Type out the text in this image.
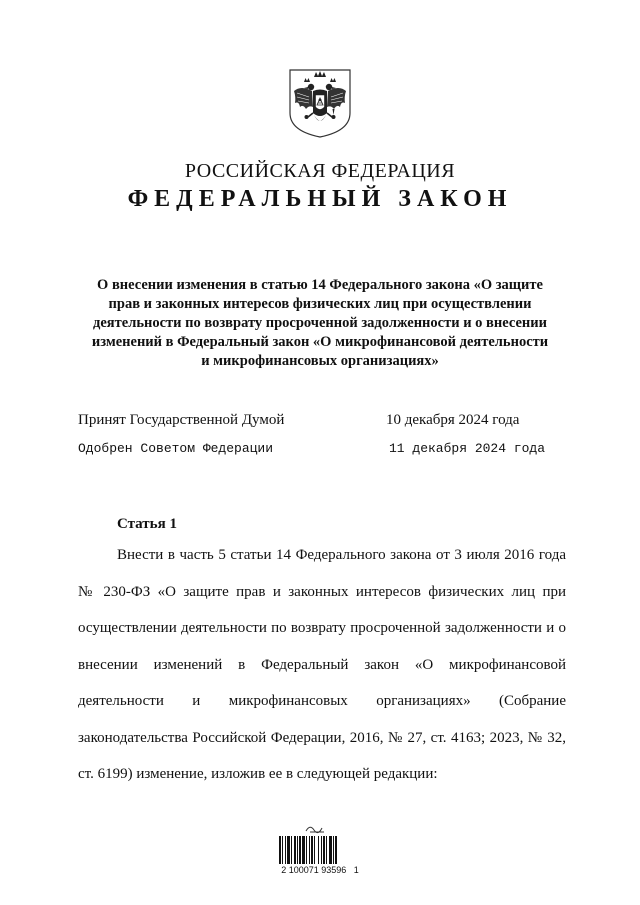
РОССИЙСКАЯ ФЕДЕРАЦИЯ
ФЕДЕРАЛЬНЫЙ ЗАКОН
О внесении изменения в статью 14 Федерального закона «О защите
прав и законных интересов физических лиц при осуществлении
деятельности по возврату просроченной задолженности и о внесении
изменений в Федеральный закон «О микрофинансовой деятельности
и микрофинансовых организациях»
Принят Государственной Думой	10 декабря 2024 года
Одобрен Советом Федерации	11 декабря 2024 года
Статья 1
Внести в часть 5 статьи 14 Федерального закона от 3 июля 2016 года
№ 230-ФЗ «О защите прав и законных интересов физических лиц при
осуществлении деятельности по возврату просроченной задолженности и о
внесении изменений в Федеральный закон «О микрофинансовой
деятельности и микрофинансовых организациях» (Собрание
законодательства Российской Федерации, 2016, № 27, ст. 4163; 2023, № 32,
ст. 6199) изменение, изложив ее в следующей редакции:
2 100071 93596   1
